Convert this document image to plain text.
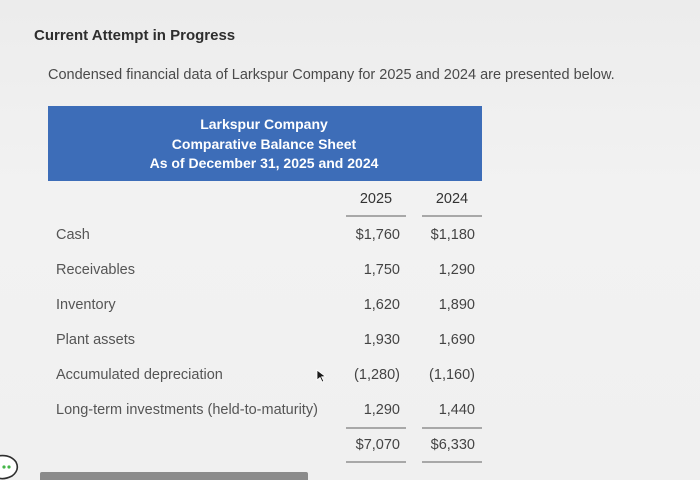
Current Attempt in Progress
Condensed financial data of Larkspur Company for 2025 and 2024 are presented below.
Larkspur Company
Comparative Balance Sheet
As of December 31, 2025 and 2024
2025	2024
Cash
Receivables
Inventory
Plant assets
Accumulated depreciation
Long-term investments (held-to-maturity)
$1,760
1,750
1,620
1,930
(1,280)
1,290
$1,180
1,290
1,890
1,690
(1,160)
1,440
$7,070 $6,330
